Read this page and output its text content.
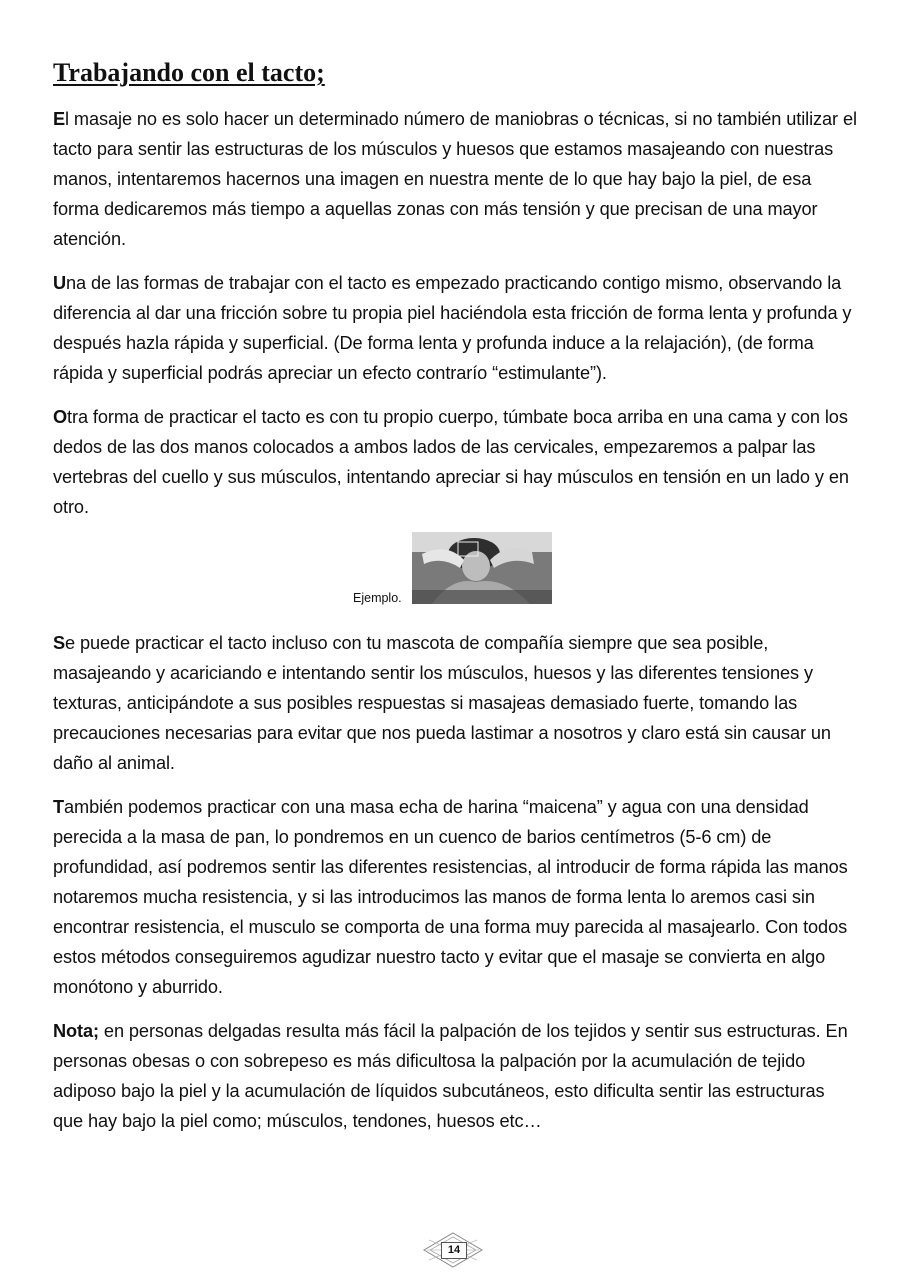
Trabajando con el tacto;

El masaje no es solo hacer un determinado número de maniobras o técnicas, si no también utilizar el tacto para sentir las estructuras de los músculos y huesos que estamos masajeando con nuestras manos, intentaremos hacernos una imagen en nuestra mente de lo que hay bajo la piel, de esa forma dedicaremos más tiempo a aquellas zonas con más tensión y que precisan de una mayor atención.

Una de las formas de trabajar con el tacto es empezado practicando contigo mismo, observando la diferencia al dar una fricción sobre tu propia piel haciéndola esta fricción de forma lenta y profunda y después hazla rápida y superficial. (De forma lenta y profunda induce a la relajación), (de forma rápida y superficial podrás apreciar un efecto contrarío “estimulante”).

Otra forma de practicar el tacto es con tu propio cuerpo, túmbate boca arriba en una cama y con los dedos de las dos manos colocados a ambos lados de las cervicales, empezaremos a palpar las vertebras del cuello y sus músculos, intentando apreciar si hay músculos en tensión en un lado y en otro.

Ejemplo.

Se puede practicar el tacto incluso con tu mascota de compañía siempre que sea posible, masajeando y acariciando e intentando sentir los músculos, huesos y las diferentes tensiones y texturas, anticipándote a sus posibles respuestas si masajeas demasiado fuerte, tomando las precauciones necesarias para evitar que nos pueda lastimar a nosotros y claro está sin causar un daño al animal.

También podemos practicar con una masa echa de harina “maicena” y agua con una densidad perecida a la masa de pan, lo pondremos en un cuenco de barios centímetros (5-6 cm) de profundidad, así podremos sentir las diferentes resistencias, al introducir de forma rápida las manos notaremos mucha resistencia, y si las introducimos las manos de forma lenta lo aremos casi sin encontrar resistencia, el musculo se comporta de una forma muy parecida al masajearlo. Con todos estos métodos conseguiremos agudizar nuestro tacto y evitar que el masaje se convierta en algo monótono y aburrido.

Nota; en personas delgadas resulta más fácil la palpación de los tejidos y sentir sus estructuras. En personas obesas o con sobrepeso es más dificultosa la palpación por la acumulación de tejido adiposo bajo la piel y la acumulación de líquidos subcutáneos, esto dificulta sentir las estructuras que hay bajo la piel como; músculos, tendones, huesos etc…

14
